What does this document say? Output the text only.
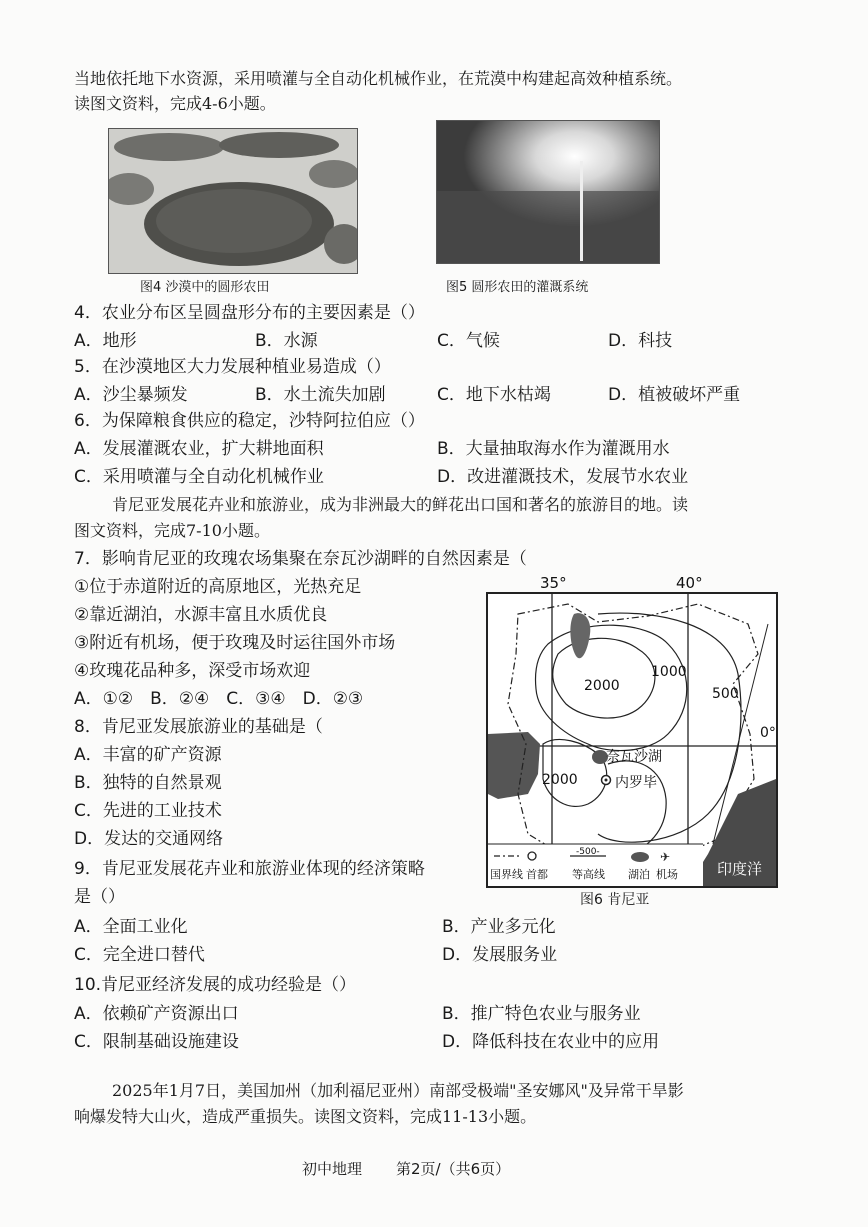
当地依托地下水资源，采用喷灌与全自动化机械作业，在荒漠中构建起高效种植系统。
读图文资料，完成4-6小题。
图4 沙漠中的圆形农田	图5 圆形农田的灌溉系统
4．农业分布区呈圆盘形分布的主要因素是（）
A．地形	B．水源	C．气候	D．科技
5．在沙漠地区大力发展种植业易造成（）
A．沙尘暴频发	B．水土流失加剧	C．地下水枯竭	D．植被破坏严重
6．为保障粮食供应的稳定，沙特阿拉伯应（）
A．发展灌溉农业，扩大耕地面积	B．大量抽取海水作为灌溉用水
C．采用喷灌与全自动化机械作业	D．改进灌溉技术，发展节水农业
肯尼亚发展花卉业和旅游业，成为非洲最大的鲜花出口国和著名的旅游目的地。读
图文资料，完成7-10小题。
7．影响肯尼亚的玫瑰农场集聚在奈瓦沙湖畔的自然因素是（
①位于赤道附近的高原地区，光热充足
②靠近湖泊，水源丰富且水质优良
③附近有机场，便于玫瑰及时运往国外市场
④玫瑰花品种多，深受市场欢迎
A．①②　B．②④　C．③④　D．②③
8．肯尼亚发展旅游业的基础是（
A．丰富的矿产资源
B．独特的自然景观
C．先进的工业技术
D．发达的交通网络
9．肯尼亚发展花卉业和旅游业体现的经济策略
是（）
A．全面工业化	B．产业多元化
C．完全进口替代	D．发展服务业
10.肯尼亚经济发展的成功经验是（）
A．依赖矿产资源出口	B．推广特色农业与服务业
C．限制基础设施建设	D．降低科技在农业中的应用
2025年1月7日，美国加州（加利福尼亚州）南部受极端"圣安娜风"及异常干旱影
响爆发特大山火，造成严重损失。读图文资料，完成11-13小题。
初中地理 第2页/（共6页）
35°	40°
图6 肯尼亚
✈
0°
2000
1000
500
奈瓦沙湖
2000	内罗毕
印度洋
国界线 首都
-500-
等高线 湖泊 机场
